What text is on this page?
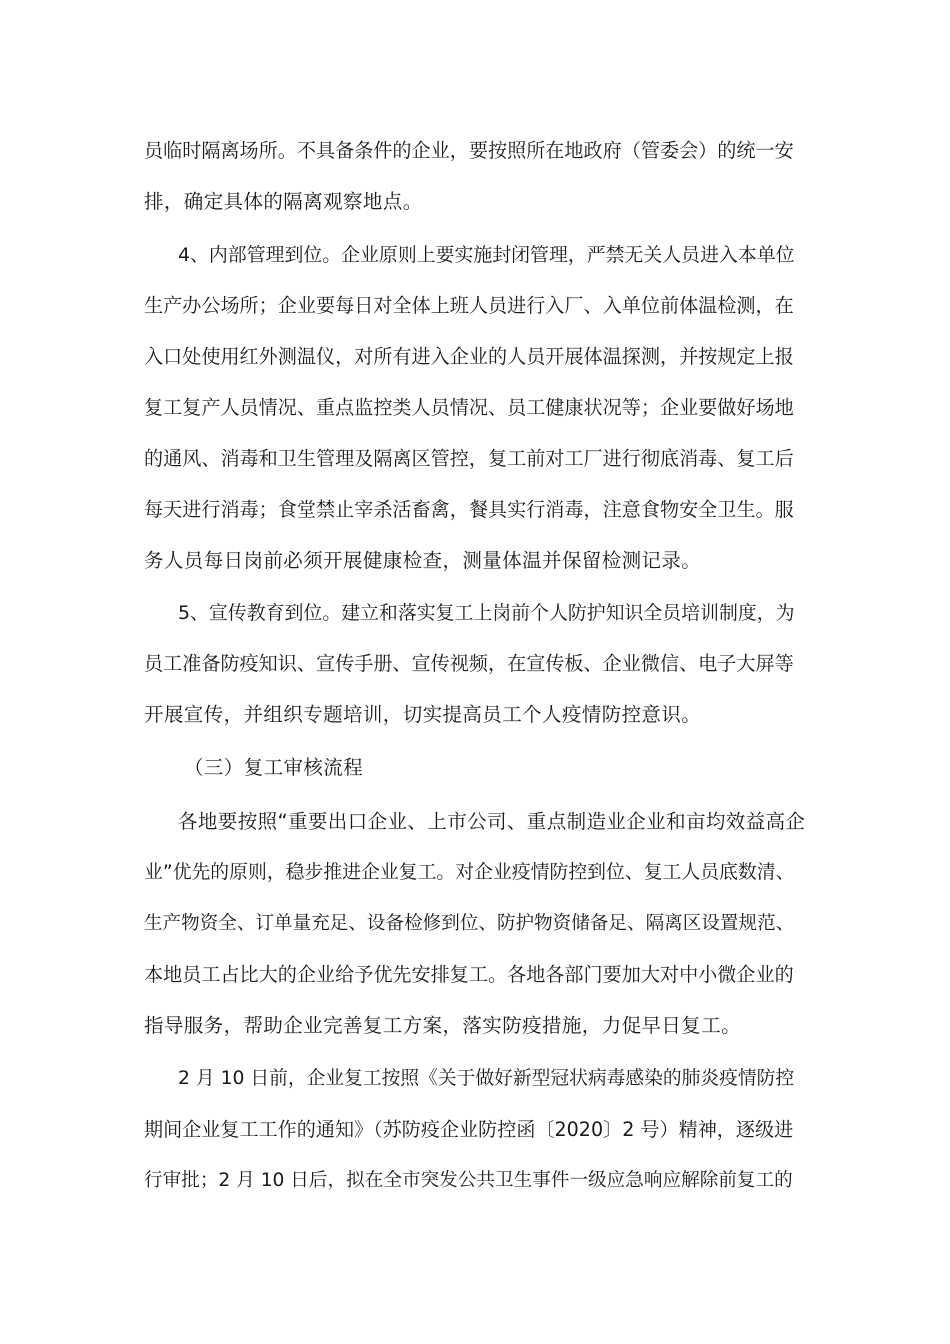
员临时隔离场所。不具备条件的企业，要按照所在地政府（管委会）的统一安
排，确定具体的隔离观察地点。
4、内部管理到位。企业原则上要实施封闭管理，严禁无关人员进入本单位
生产办公场所；企业要每日对全体上班人员进行入厂、入单位前体温检测，在
入口处使用红外测温仪，对所有进入企业的人员开展体温探测，并按规定上报
复工复产人员情况、重点监控类人员情况、员工健康状况等；企业要做好场地
的通风、消毒和卫生管理及隔离区管控，复工前对工厂进行彻底消毒、复工后
每天进行消毒；食堂禁止宰杀活畜禽，餐具实行消毒，注意食物安全卫生。服
务人员每日岗前必须开展健康检查，测量体温并保留检测记录。
5、宣传教育到位。建立和落实复工上岗前个人防护知识全员培训制度，为
员工准备防疫知识、宣传手册、宣传视频，在宣传板、企业微信、电子大屏等
开展宣传，并组织专题培训，切实提高员工个人疫情防控意识。
（三）复工审核流程
各地要按照“重要出口企业、上市公司、重点制造业企业和亩均效益高企
业”优先的原则，稳步推进企业复工。对企业疫情防控到位、复工人员底数清、
生产物资全、订单量充足、设备检修到位、防护物资储备足、隔离区设置规范、
本地员工占比大的企业给予优先安排复工。各地各部门要加大对中小微企业的
指导服务，帮助企业完善复工方案，落实防疫措施，力促早日复工。
2 月 10 日前，企业复工按照《关于做好新型冠状病毒感染的肺炎疫情防控
期间企业复工工作的通知》（苏防疫企业防控函〔2020〕2 号）精神，逐级进
行审批；2 月 10 日后，拟在全市突发公共卫生事件一级应急响应解除前复工的
